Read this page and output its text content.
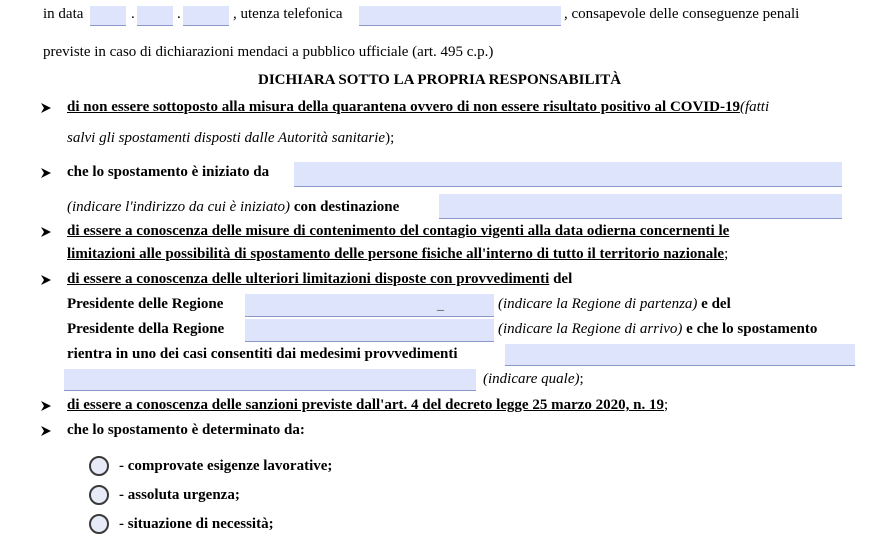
in data	.	.	, utenza telefonica	, consapevole delle conseguenze penali
previste in caso di dichiarazioni mendaci a pubblico ufficiale (art. 495 c.p.)
DICHIARA SOTTO LA PROPRIA RESPONSABILITÀ
di non essere sottoposto alla misura della quarantena ovvero di non essere risultato positivo al COVID-19(fatti
salvi gli spostamenti disposti dalle Autorità sanitarie);
che lo spostamento è iniziato da
(indicare l'indirizzo da cui è iniziato) con destinazione
di essere a conoscenza delle misure di contenimento del contagio vigenti alla data odierna concernenti le
limitazioni alle possibilità di spostamento delle persone fisiche all'interno di tutto il territorio nazionale;
di essere a conoscenza delle ulteriori limitazioni disposte con provvedimenti del
Presidente delle Regione	_	(indicare la Regione di partenza) e del
Presidente della Regione	(indicare la Regione di arrivo) e che lo spostamento
rientra in uno dei casi consentiti dai medesimi provvedimenti
(indicare quale);
di essere a conoscenza delle sanzioni previste dall'art. 4 del decreto legge 25 marzo 2020, n. 19;
che lo spostamento è determinato da:
- comprovate esigenze lavorative;
- assoluta urgenza;
- situazione di necessità;
